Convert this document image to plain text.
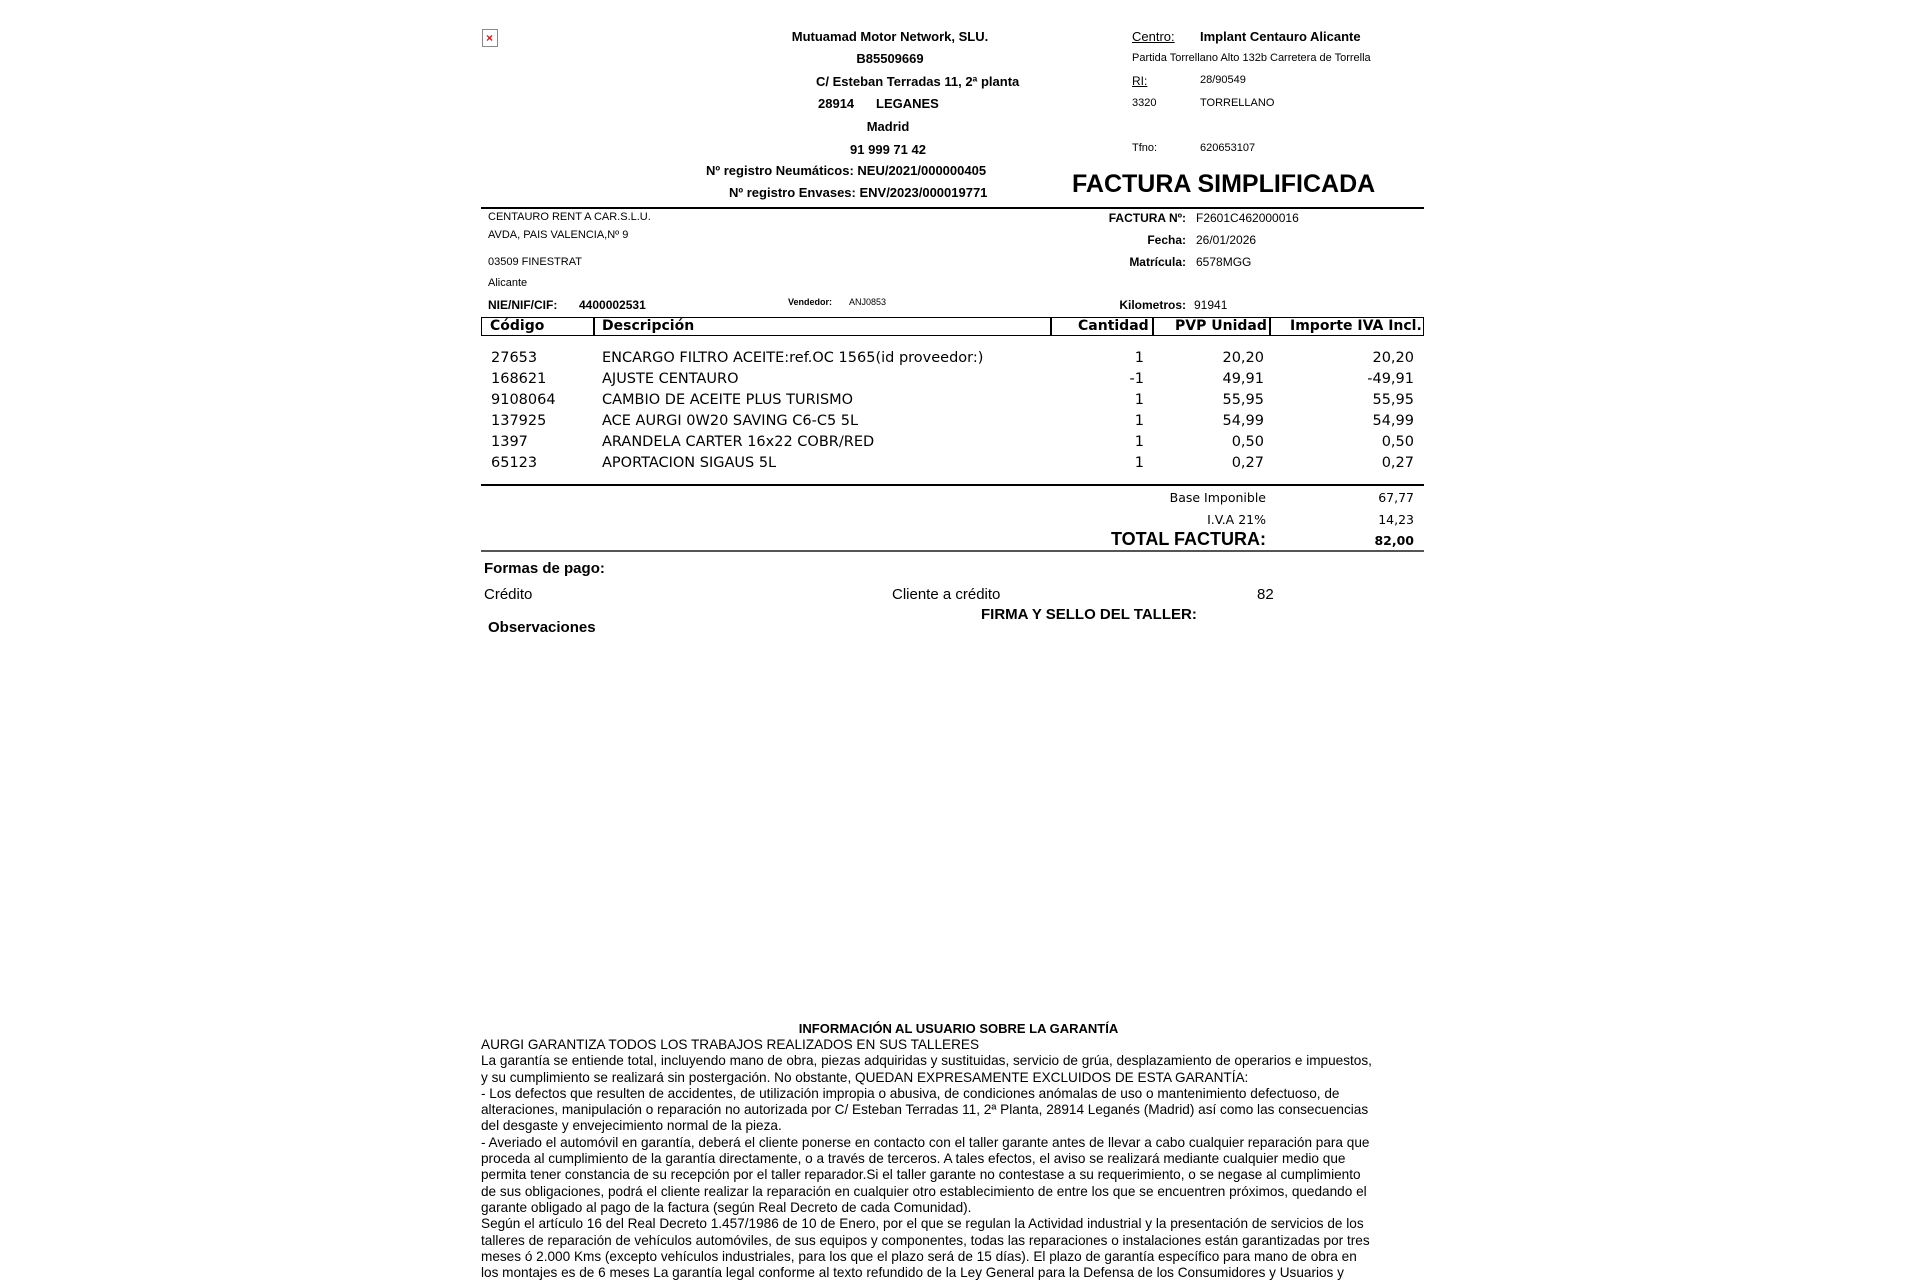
×	Mutuamad Motor Network, SLU.
B85509669
C/ Esteban Terradas 11, 2ª planta
28914 LEGANES
Madrid
91 999 71 42
Nº registro Neumáticos: NEU/2021/000000405
Nº registro Envases: ENV/2023/000019771
Centro: Implant Centauro Alicante
Partida Torrellano Alto 132b Carretera de Torrella
RI:	28/90549
3320	TORRELLANO
Tfno:	620653107
FACTURA SIMPLIFICADA
CENTAURO RENT A CAR.S.L.U.
AVDA, PAIS VALENCIA,Nº 9
03509 FINESTRAT
Alicante
NIE/NIF/CIF: 4400002531	Vendedor: ANJ0853
FACTURA Nº: F2601C462000016
Fecha: 26/01/2026
Matrícula: 6578MGG
Kilometros: 91941
Código	Descripción	Cantidad	PVP Unidad	Importe IVA Incl.
27653	ENCARGO FILTRO ACEITE:ref.OC 1565(id proveedor:)	1	20,20	20,20
168621	AJUSTE CENTAURO	-1	49,91	-49,91
9108064	CAMBIO DE ACEITE PLUS TURISMO	1	55,95	55,95
137925	ACE AURGI 0W20 SAVING C6-C5 5L	1	54,99	54,99
1397	ARANDELA CARTER 16x22 COBR/RED	1	0,50	0,50
65123	APORTACION SIGAUS 5L	1	0,27	0,27
Base Imponible	67,77
I.V.A 21%	14,23
TOTAL FACTURA:	82,00
Formas de pago:
Crédito	Cliente a crédito	82
FIRMA Y SELLO DEL TALLER:
Observaciones
INFORMACIÓN AL USUARIO SOBRE LA GARANTÍA

AURGI GARANTIZA TODOS LOS TRABAJOS REALIZADOS EN SUS TALLERES

La garantía se entiende total, incluyendo mano de obra, piezas adquiridas y sustituidas, servicio de grúa, desplazamiento de operarios e impuestos,

y su cumplimiento se realizará sin postergación. No obstante, QUEDAN EXPRESAMENTE EXCLUIDOS DE ESTA GARANTÍA:

- Los defectos que resulten de accidentes, de utilización impropia o abusiva, de condiciones anómalas de uso o mantenimiento defectuoso, de

alteraciones, manipulación o reparación no autorizada por C/ Esteban Terradas 11, 2ª Planta, 28914 Leganés (Madrid) así como las consecuencias

del desgaste y envejecimiento normal de la pieza.

- Averiado el automóvil en garantía, deberá el cliente ponerse en contacto con el taller garante antes de llevar a cabo cualquier reparación para que

proceda al cumplimiento de la garantía directamente, o a través de terceros. A tales efectos, el aviso se realizará mediante cualquier medio que

permita tener constancia de su recepción por el taller reparador.Si el taller garante no contestase a su requerimiento, o se negase al cumplimiento

de sus obligaciones, podrá el cliente realizar la reparación en cualquier otro establecimiento de entre los que se encuentren próximos, quedando el

garante obligado al pago de la factura (según Real Decreto de cada Comunidad).

Según el artículo 16 del Real Decreto 1.457/1986 de 10 de Enero, por el que se regulan la Actividad industrial y la presentación de servicios de los

talleres de reparación de vehículos automóviles, de sus equipos y componentes, todas las reparaciones o instalaciones están garantizadas por tres

meses ó 2.000 Kms (excepto vehículos industriales, para los que el plazo será de 15 días). El plazo de garantía específico para mano de obra en

los montajes es de 6 meses La garantía legal conforme al texto refundido de la Ley General para la Defensa de los Consumidores y Usuarios y
